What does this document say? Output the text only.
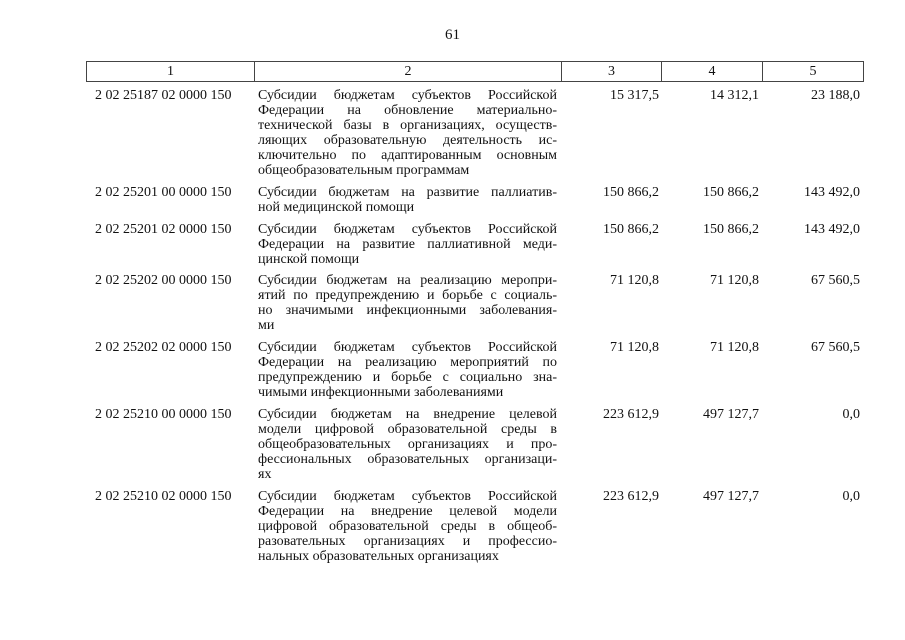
61
1	2	3	4	5
2 02 25187 02 0000 150	Субсидии бюджетам субъектов Российской
Федерации на обновление материально-
технической базы в организациях, осуществ-
ляющих образовательную деятельность ис-
ключительно по адаптированным основным
общеобразовательным программам
15 317,5	14 312,1	23 188,0
2 02 25201 00 0000 150	Субсидии бюджетам на развитие паллиатив-
ной медицинской помощи
150 866,2	150 866,2	143 492,0
2 02 25201 02 0000 150	Субсидии бюджетам субъектов Российской
Федерации на развитие паллиативной меди-
цинской помощи
150 866,2	150 866,2	143 492,0
2 02 25202 00 0000 150	Субсидии бюджетам на реализацию меропри-
ятий по предупреждению и борьбе с социаль-
но значимыми инфекционными заболевания-
ми
71 120,8	71 120,8	67 560,5
2 02 25202 02 0000 150	Субсидии бюджетам субъектов Российской
Федерации на реализацию мероприятий по
предупреждению и борьбе с социально зна-
чимыми инфекционными заболеваниями
71 120,8	71 120,8	67 560,5
2 02 25210 00 0000 150	Субсидии бюджетам на внедрение целевой
модели цифровой образовательной среды в
общеобразовательных организациях и про-
фессиональных образовательных организаци-
ях
223 612,9	497 127,7	0,0
2 02 25210 02 0000 150	Субсидии бюджетам субъектов Российской
Федерации на внедрение целевой модели
цифровой образовательной среды в общеоб-
разовательных организациях и профессио-
нальных образовательных организациях
223 612,9	497 127,7	0,0
